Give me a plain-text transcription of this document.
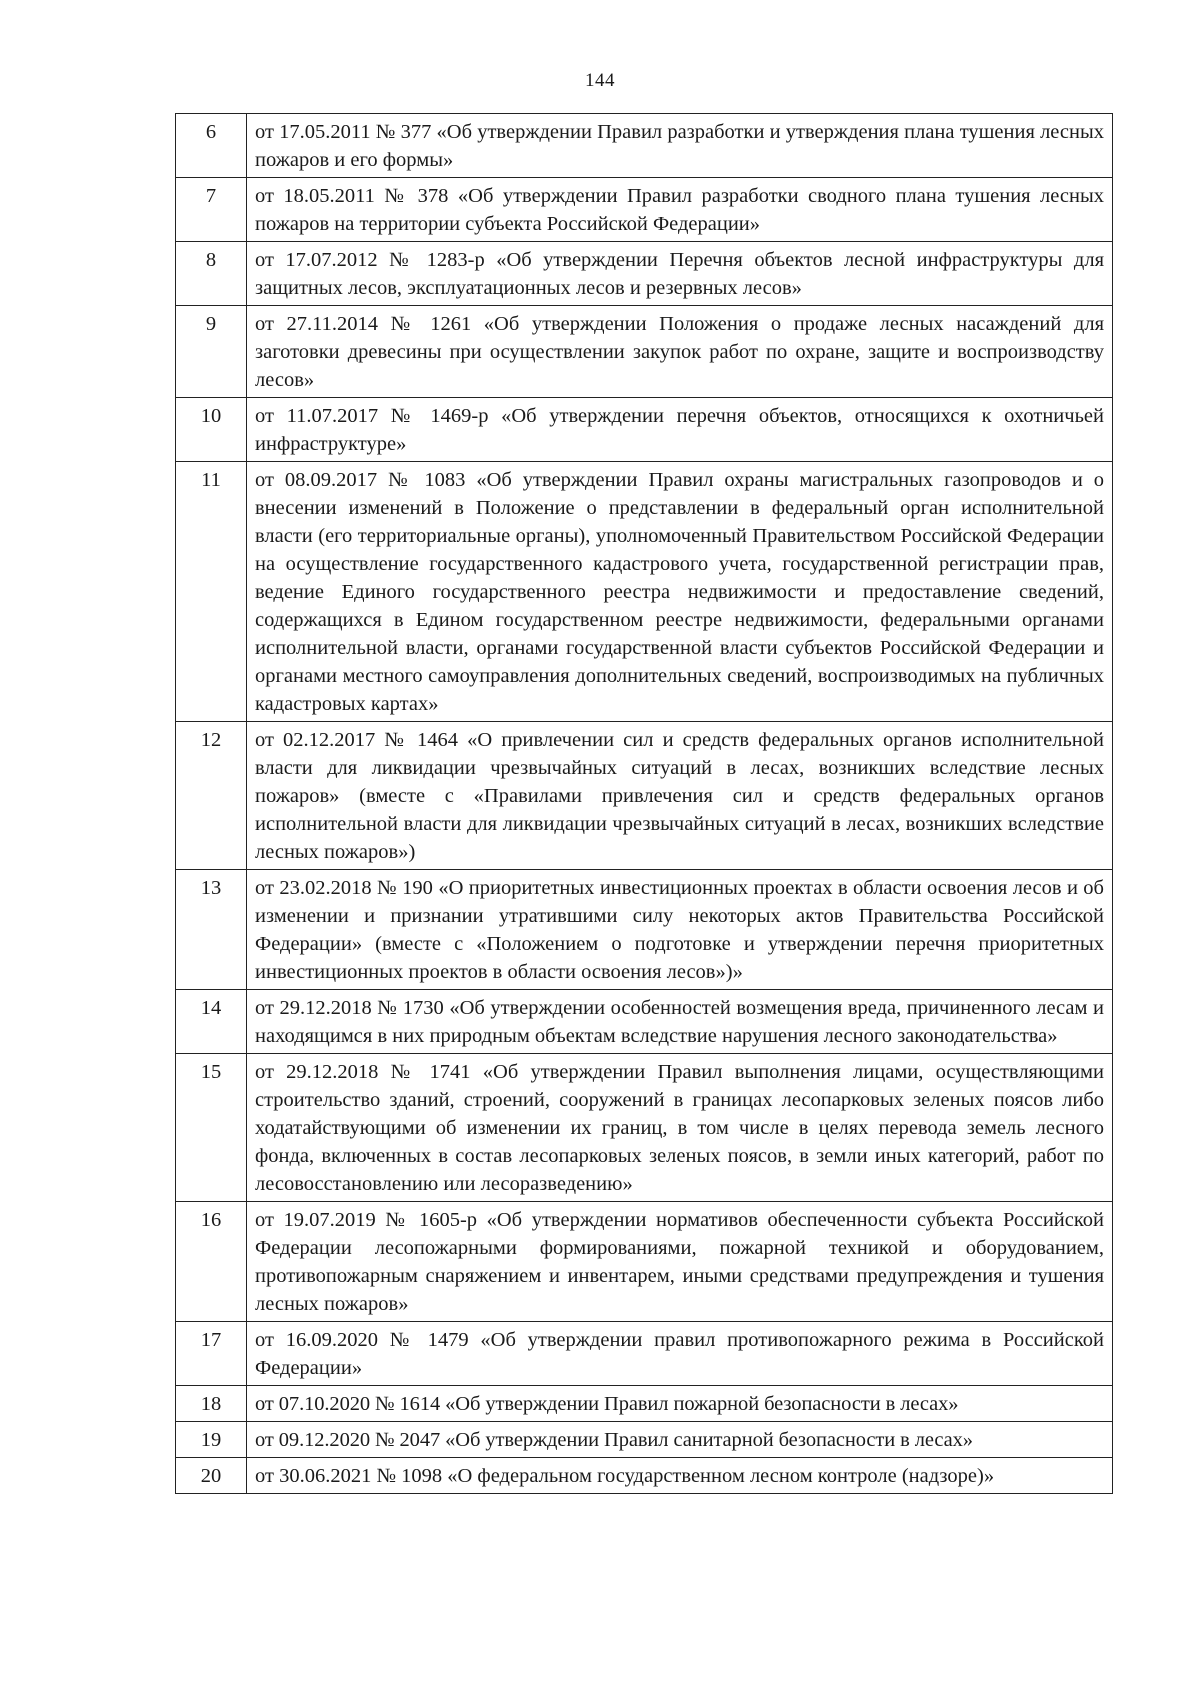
144
6	от 17.05.2011 № 377 «Об утверждении Правил разработки и утверждения плана тушения лесных пожаров и его формы»
7	от 18.05.2011 № 378 «Об утверждении Правил разработки сводного плана тушения лесных пожаров на территории субъекта Российской Федерации»
8	от 17.07.2012 № 1283-р «Об утверждении Перечня объектов лесной инфраструктуры для защитных лесов, эксплуатационных лесов и резервных лесов»
9	от 27.11.2014 № 1261 «Об утверждении Положения о продаже лесных насаждений для заготовки древесины при осуществлении закупок работ по охране, защите и воспроизводству лесов»
10	от 11.07.2017 № 1469-р «Об утверждении перечня объектов, относящихся к охотничьей инфраструктуре»
11	от 08.09.2017 № 1083 «Об утверждении Правил охраны магистральных газопроводов и о внесении изменений в Положение о представлении в федеральный орган исполнительной власти (его территориальные органы), уполномоченный Правительством Российской Федерации на осуществление государственного кадастрового учета, государственной регистрации прав, ведение Единого государственного реестра недвижимости и предоставление сведений, содержащихся в Едином государственном реестре недвижимости, федеральными органами исполнительной власти, органами государственной власти субъектов Российской Федерации и органами местного самоуправления дополнительных сведений, воспроизводимых на публичных кадастровых картах»
12	от 02.12.2017 № 1464 «О привлечении сил и средств федеральных органов исполнительной власти для ликвидации чрезвычайных ситуаций в лесах, возникших вследствие лесных пожаров» (вместе с «Правилами привлечения сил и средств федеральных органов исполнительной власти для ликвидации чрезвычайных ситуаций в лесах, возникших вследствие лесных пожаров»)
13	от 23.02.2018 № 190 «О приоритетных инвестиционных проектах в области освоения лесов и об изменении и признании утратившими силу некоторых актов Правительства Российской Федерации» (вместе с «Положением о подготовке и утверждении перечня приоритетных инвестиционных проектов в области освоения лесов»)»
14	от 29.12.2018 № 1730 «Об утверждении особенностей возмещения вреда, причиненного лесам и находящимся в них природным объектам вследствие нарушения лесного законодательства»
15	от 29.12.2018 № 1741 «Об утверждении Правил выполнения лицами, осуществляющими строительство зданий, строений, сооружений в границах лесопарковых зеленых поясов либо ходатайствующими об изменении их границ, в том числе в целях перевода земель лесного фонда, включенных в состав лесопарковых зеленых поясов, в земли иных категорий, работ по лесовосстановлению или лесоразведению»
16	от 19.07.2019 № 1605-р «Об утверждении нормативов обеспеченности субъекта Российской Федерации лесопожарными формированиями, пожарной техникой и оборудованием, противопожарным снаряжением и инвентарем, иными средствами предупреждения и тушения лесных пожаров»
17	от 16.09.2020 № 1479 «Об утверждении правил противопожарного режима в Российской Федерации»
18	от 07.10.2020 № 1614 «Об утверждении Правил пожарной безопасности в лесах»
19	от 09.12.2020 № 2047 «Об утверждении Правил санитарной безопасности в лесах»
20	от 30.06.2021 № 1098 «О федеральном государственном лесном контроле (надзоре)»
